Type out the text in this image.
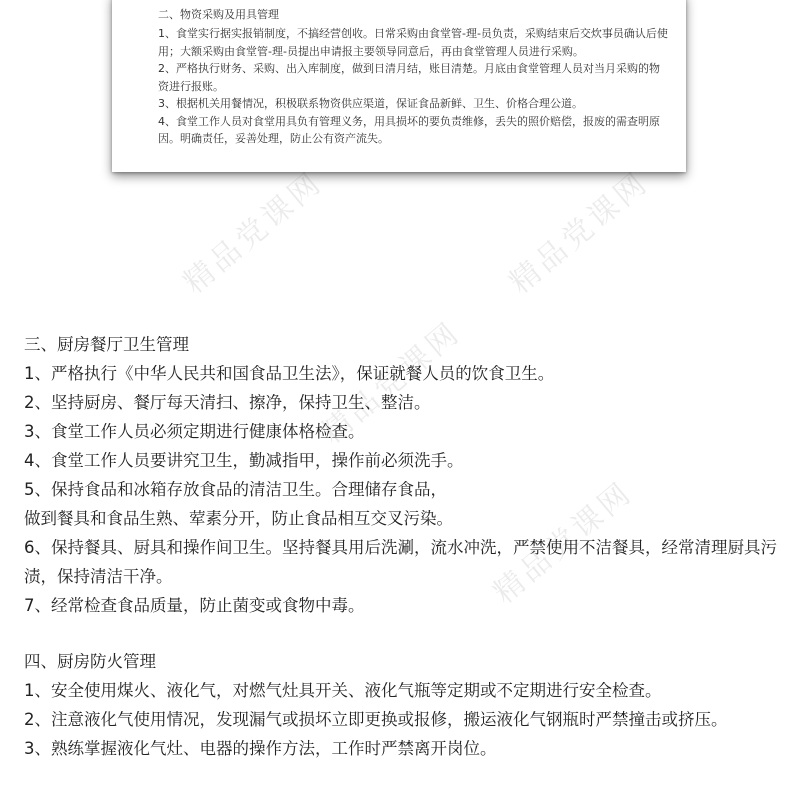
二、物资采购及用具管理

1、食堂实行据实报销制度，不搞经营创收。日常采购由食堂管-理-员负责，采购结束后交炊事员确认后使用；大额采购由食堂管-理-员提出申请报主要领导同意后，再由食堂管理人员进行采购。

2、严格执行财务、采购、出入库制度，做到日清月结，账目清楚。月底由食堂管理人员对当月采购的物资进行报账。

3、根据机关用餐情况，积极联系物资供应渠道，保证食品新鲜、卫生、价格合理公道。

4、食堂工作人员对食堂用具负有管理义务，用具损坏的要负责维修，丢失的照价赔偿，报废的需查明原因。明确责任，妥善处理，防止公有资产流失。

精品党课网	精品党课网
精品党课网
精品党课网

三、厨房餐厅卫生管理

1、严格执行《中华人民共和国食品卫生法》，保证就餐人员的饮食卫生。

2、坚持厨房、餐厅每天清扫、擦净，保持卫生、整洁。

3、食堂工作人员必须定期进行健康体格检查。

4、食堂工作人员要讲究卫生，勤减指甲，操作前必须洗手。

5、保持食品和冰箱存放食品的清洁卫生。合理储存食品，

做到餐具和食品生熟、荤素分开，防止食品相互交叉污染。

6、保持餐具、厨具和操作间卫生。坚持餐具用后洗涮，流水冲洗，严禁使用不洁餐具，经常清理厨具污渍，保持清洁干净。

7、经常检查食品质量，防止菌变或食物中毒。

四、厨房防火管理

1、安全使用煤火、液化气，对燃气灶具开关、液化气瓶等定期或不定期进行安全检查。

2、注意液化气使用情况，发现漏气或损坏立即更换或报修，搬运液化气钢瓶时严禁撞击或挤压。

3、熟练掌握液化气灶、电器的操作方法，工作时严禁离开岗位。
